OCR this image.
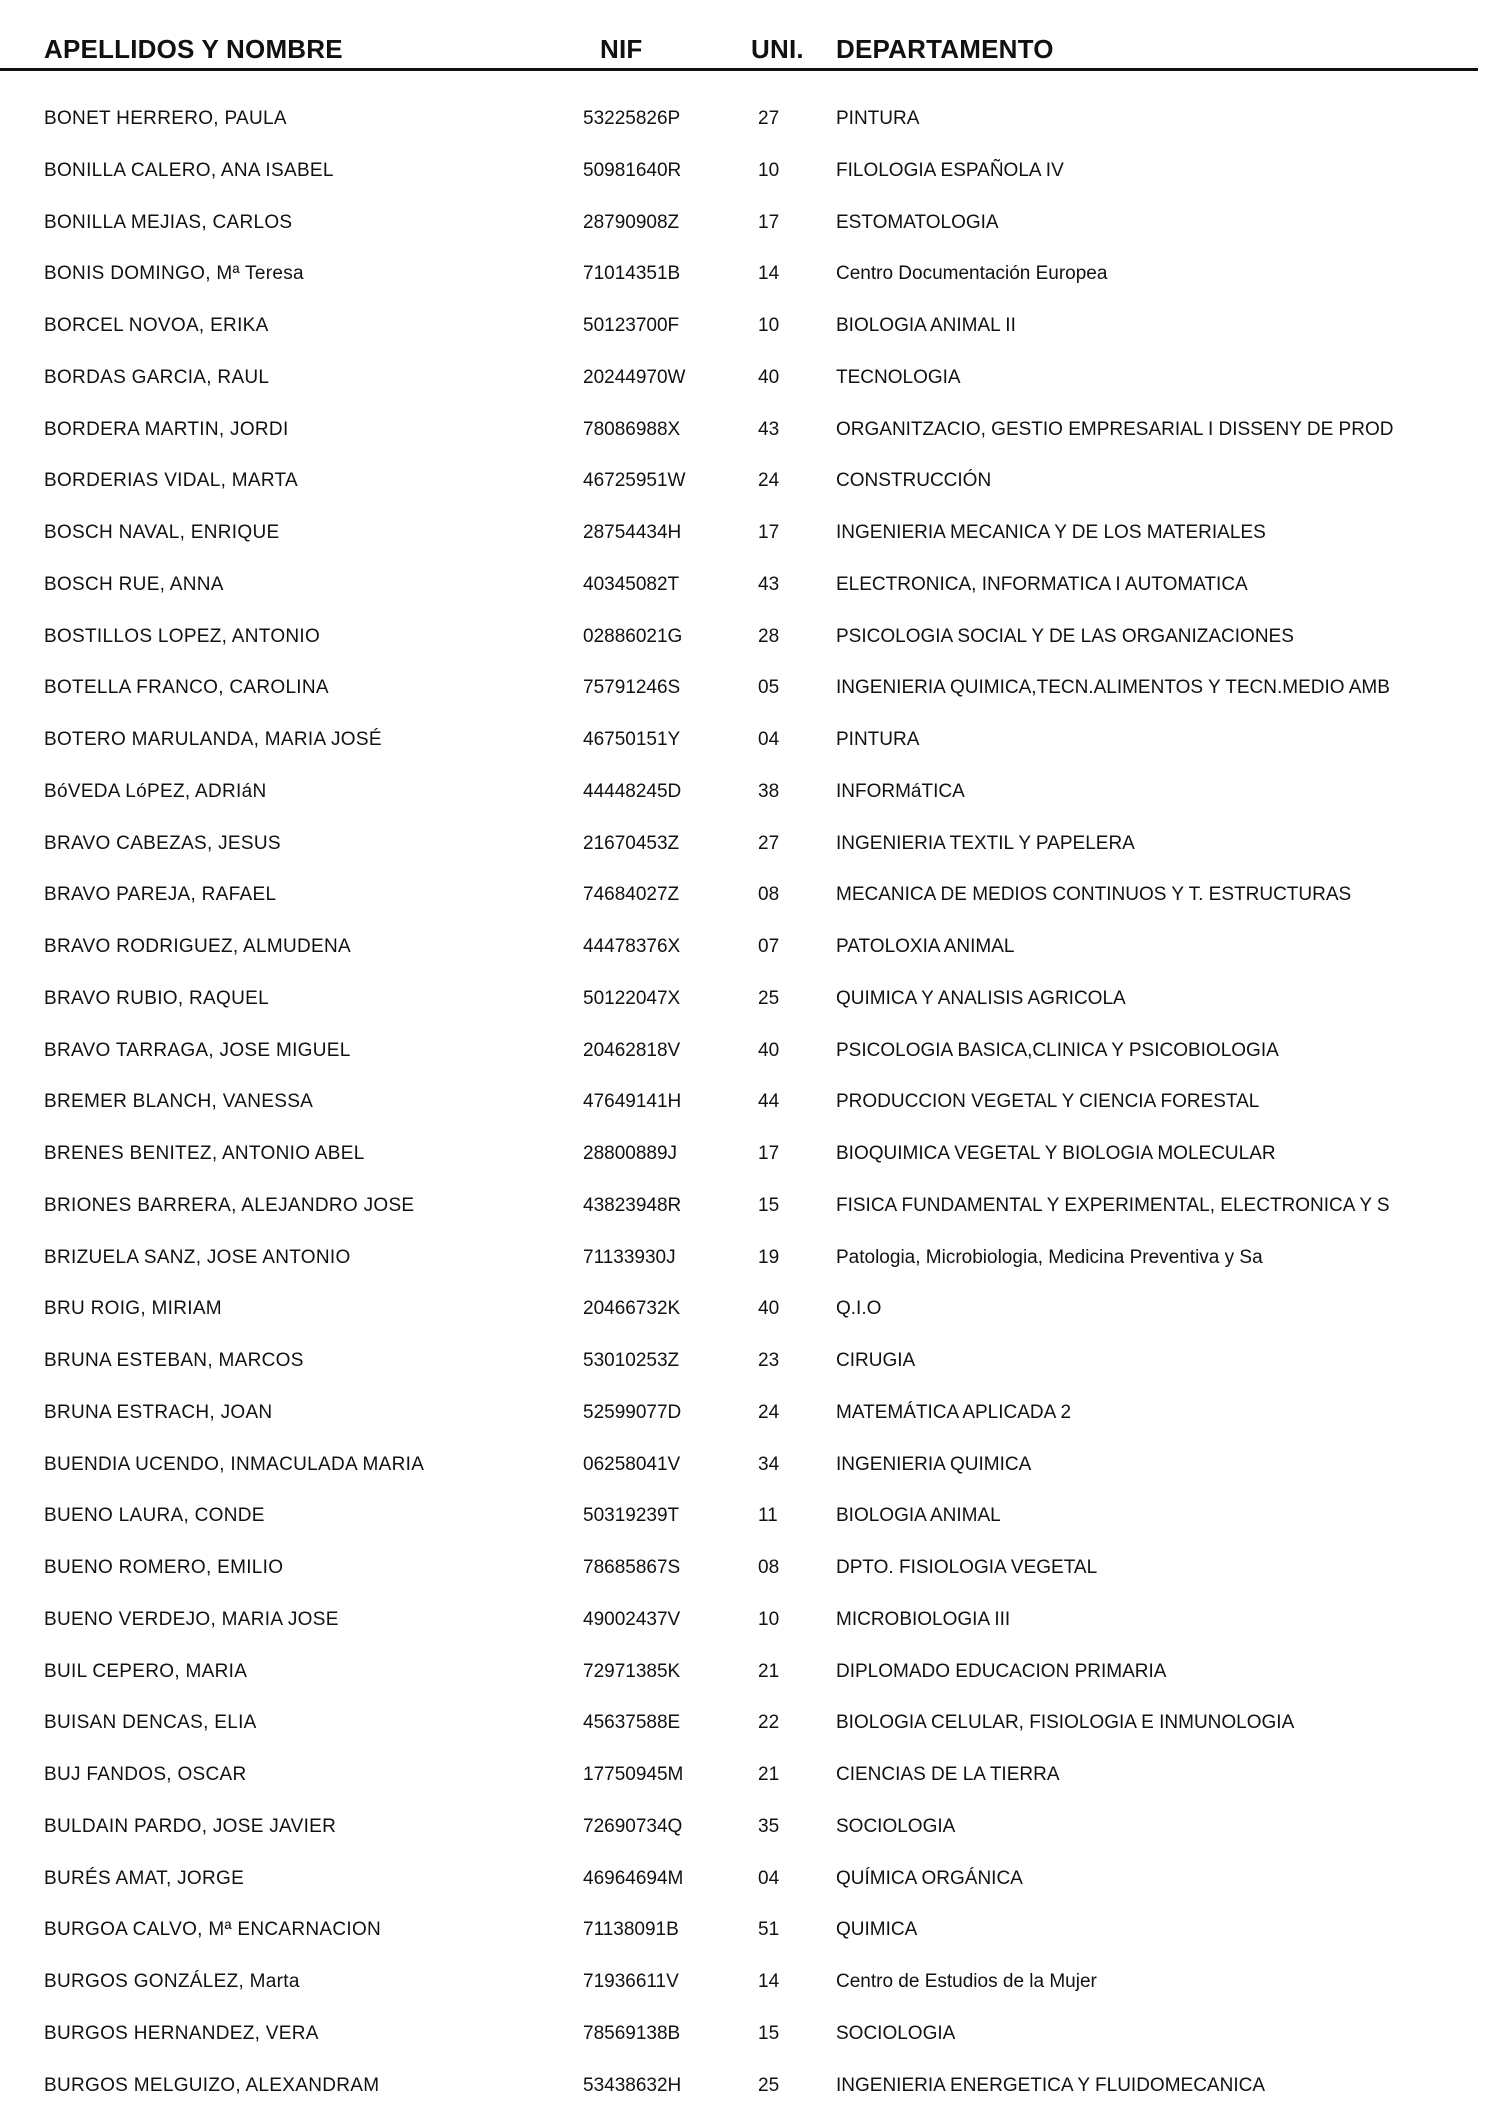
APELLIDOS Y NOMBRE	NIF	UNI. DEPARTAMENTO
BONET HERRERO, PAULA	53225826P	27	PINTURA
BONILLA CALERO, ANA ISABEL	50981640R	10	FILOLOGIA ESPAÑOLA IV
BONILLA MEJIAS, CARLOS	28790908Z	17	ESTOMATOLOGIA
BONIS DOMINGO, Mª Teresa	71014351B	14	Centro Documentación Europea
BORCEL NOVOA, ERIKA	50123700F	10	BIOLOGIA ANIMAL II
BORDAS GARCIA, RAUL	20244970W	40	TECNOLOGIA
BORDERA MARTIN, JORDI	78086988X	43	ORGANITZACIO, GESTIO EMPRESARIAL I DISSENY DE PROD
BORDERIAS VIDAL, MARTA	46725951W	24	CONSTRUCCIÓN
BOSCH NAVAL, ENRIQUE	28754434H	17	INGENIERIA MECANICA Y DE LOS MATERIALES
BOSCH RUE, ANNA	40345082T	43	ELECTRONICA, INFORMATICA I AUTOMATICA
BOSTILLOS LOPEZ, ANTONIO	02886021G	28	PSICOLOGIA SOCIAL Y DE LAS ORGANIZACIONES
BOTELLA FRANCO, CAROLINA	75791246S	05	INGENIERIA QUIMICA,TECN.ALIMENTOS Y TECN.MEDIO AMB
BOTERO MARULANDA, MARIA JOSÉ	46750151Y	04	PINTURA
BóVEDA LóPEZ, ADRIáN	44448245D	38	INFORMáTICA
BRAVO CABEZAS, JESUS	21670453Z	27	INGENIERIA TEXTIL Y PAPELERA
BRAVO PAREJA, RAFAEL	74684027Z	08	MECANICA DE MEDIOS CONTINUOS Y T. ESTRUCTURAS
BRAVO RODRIGUEZ, ALMUDENA	44478376X	07	PATOLOXIA ANIMAL
BRAVO RUBIO, RAQUEL	50122047X	25	QUIMICA Y ANALISIS AGRICOLA
BRAVO TARRAGA, JOSE MIGUEL	20462818V	40	PSICOLOGIA BASICA,CLINICA Y PSICOBIOLOGIA
BREMER BLANCH, VANESSA	47649141H	44	PRODUCCION VEGETAL Y CIENCIA FORESTAL
BRENES BENITEZ, ANTONIO ABEL	28800889J	17	BIOQUIMICA VEGETAL Y BIOLOGIA MOLECULAR
BRIONES BARRERA, ALEJANDRO JOSE	43823948R	15	FISICA FUNDAMENTAL Y EXPERIMENTAL, ELECTRONICA Y S
BRIZUELA SANZ, JOSE ANTONIO	71133930J	19	Patologia, Microbiologia, Medicina Preventiva y Sa
BRU ROIG, MIRIAM	20466732K	40	Q.I.O
BRUNA ESTEBAN, MARCOS	53010253Z	23	CIRUGIA
BRUNA ESTRACH, JOAN	52599077D	24	MATEMÁTICA APLICADA 2
BUENDIA UCENDO, INMACULADA MARIA	06258041V	34	INGENIERIA QUIMICA
BUENO LAURA, CONDE	50319239T	11	BIOLOGIA ANIMAL
BUENO ROMERO, EMILIO	78685867S	08	DPTO. FISIOLOGIA VEGETAL
BUENO VERDEJO, MARIA JOSE	49002437V	10	MICROBIOLOGIA III
BUIL CEPERO, MARIA	72971385K	21	DIPLOMADO EDUCACION PRIMARIA
BUISAN DENCAS, ELIA	45637588E	22	BIOLOGIA CELULAR, FISIOLOGIA E INMUNOLOGIA
BUJ FANDOS, OSCAR	17750945M	21	CIENCIAS DE LA TIERRA
BULDAIN PARDO, JOSE JAVIER	72690734Q	35	SOCIOLOGIA
BURÉS AMAT, JORGE	46964694M	04	QUÍMICA ORGÁNICA
BURGOA CALVO, Mª ENCARNACION	71138091B	51	QUIMICA
BURGOS GONZÁLEZ, Marta	71936611V	14	Centro de Estudios de la Mujer
BURGOS HERNANDEZ, VERA	78569138B	15	SOCIOLOGIA
BURGOS MELGUIZO, ALEXANDRAM	53438632H	25	INGENIERIA ENERGETICA Y FLUIDOMECANICA
